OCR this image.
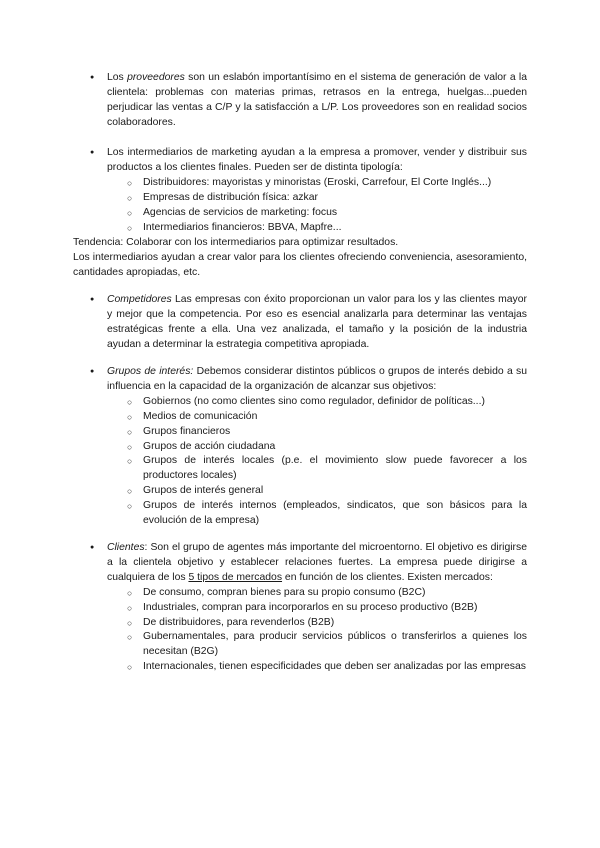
● Los proveedores son un eslabón importantísimo en el sistema de generación de valor a la clientela: problemas con materias primas, retrasos en la entrega, huelgas...pueden perjudicar las ventas a C/P y la satisfacción a L/P. Los proveedores son en realidad socios colaboradores.
● Los intermediarios de marketing ayudan a la empresa a promover, vender y distribuir sus productos a los clientes finales. Pueden ser de distinta tipología:
○ Distribuidores: mayoristas y minoristas (Eroski, Carrefour, El Corte Inglés...)
○ Empresas de distribución física: azkar
○ Agencias de servicios de marketing: focus
○ Intermediarios financieros: BBVA, Mapfre...
Tendencia: Colaborar con los intermediarios para optimizar resultados.
Los intermediarios ayudan a crear valor para los clientes ofreciendo conveniencia, asesoramiento, cantidades apropiadas, etc.
● Competidores Las empresas con éxito proporcionan un valor para los y las clientes mayor y mejor que la competencia. Por eso es esencial analizarla para determinar las ventajas estratégicas frente a ella. Una vez analizada, el tamaño y la posición de la industria ayudan a determinar la estrategia competitiva apropiada.
● Grupos de interés: Debemos considerar distintos públicos o grupos de interés debido a su influencia en la capacidad de la organización de alcanzar sus objetivos:
○ Gobiernos (no como clientes sino como regulador, definidor de políticas...)
○ Medios de comunicación
○ Grupos financieros
○ Grupos de acción ciudadana
○ Grupos de interés locales (p.e. el movimiento slow puede favorecer a los productores locales)
○ Grupos de interés general
○ Grupos de interés internos (empleados, sindicatos, que son básicos para la evolución de la empresa)
● Clientes: Son el grupo de agentes más importante del microentorno. El objetivo es dirigirse a la clientela objetivo y establecer relaciones fuertes. La empresa puede dirigirse a cualquiera de los 5 tipos de mercados en función de los clientes. Existen mercados:
○ De consumo, compran bienes para su propio consumo (B2C)
○ Industriales, compran para incorporarlos en su proceso productivo (B2B)
○ De distribuidores, para revenderlos (B2B)
○ Gubernamentales, para producir servicios públicos o transferirlos a quienes los necesitan (B2G)
○ Internacionales, tienen especificidades que deben ser analizadas por las empresas
